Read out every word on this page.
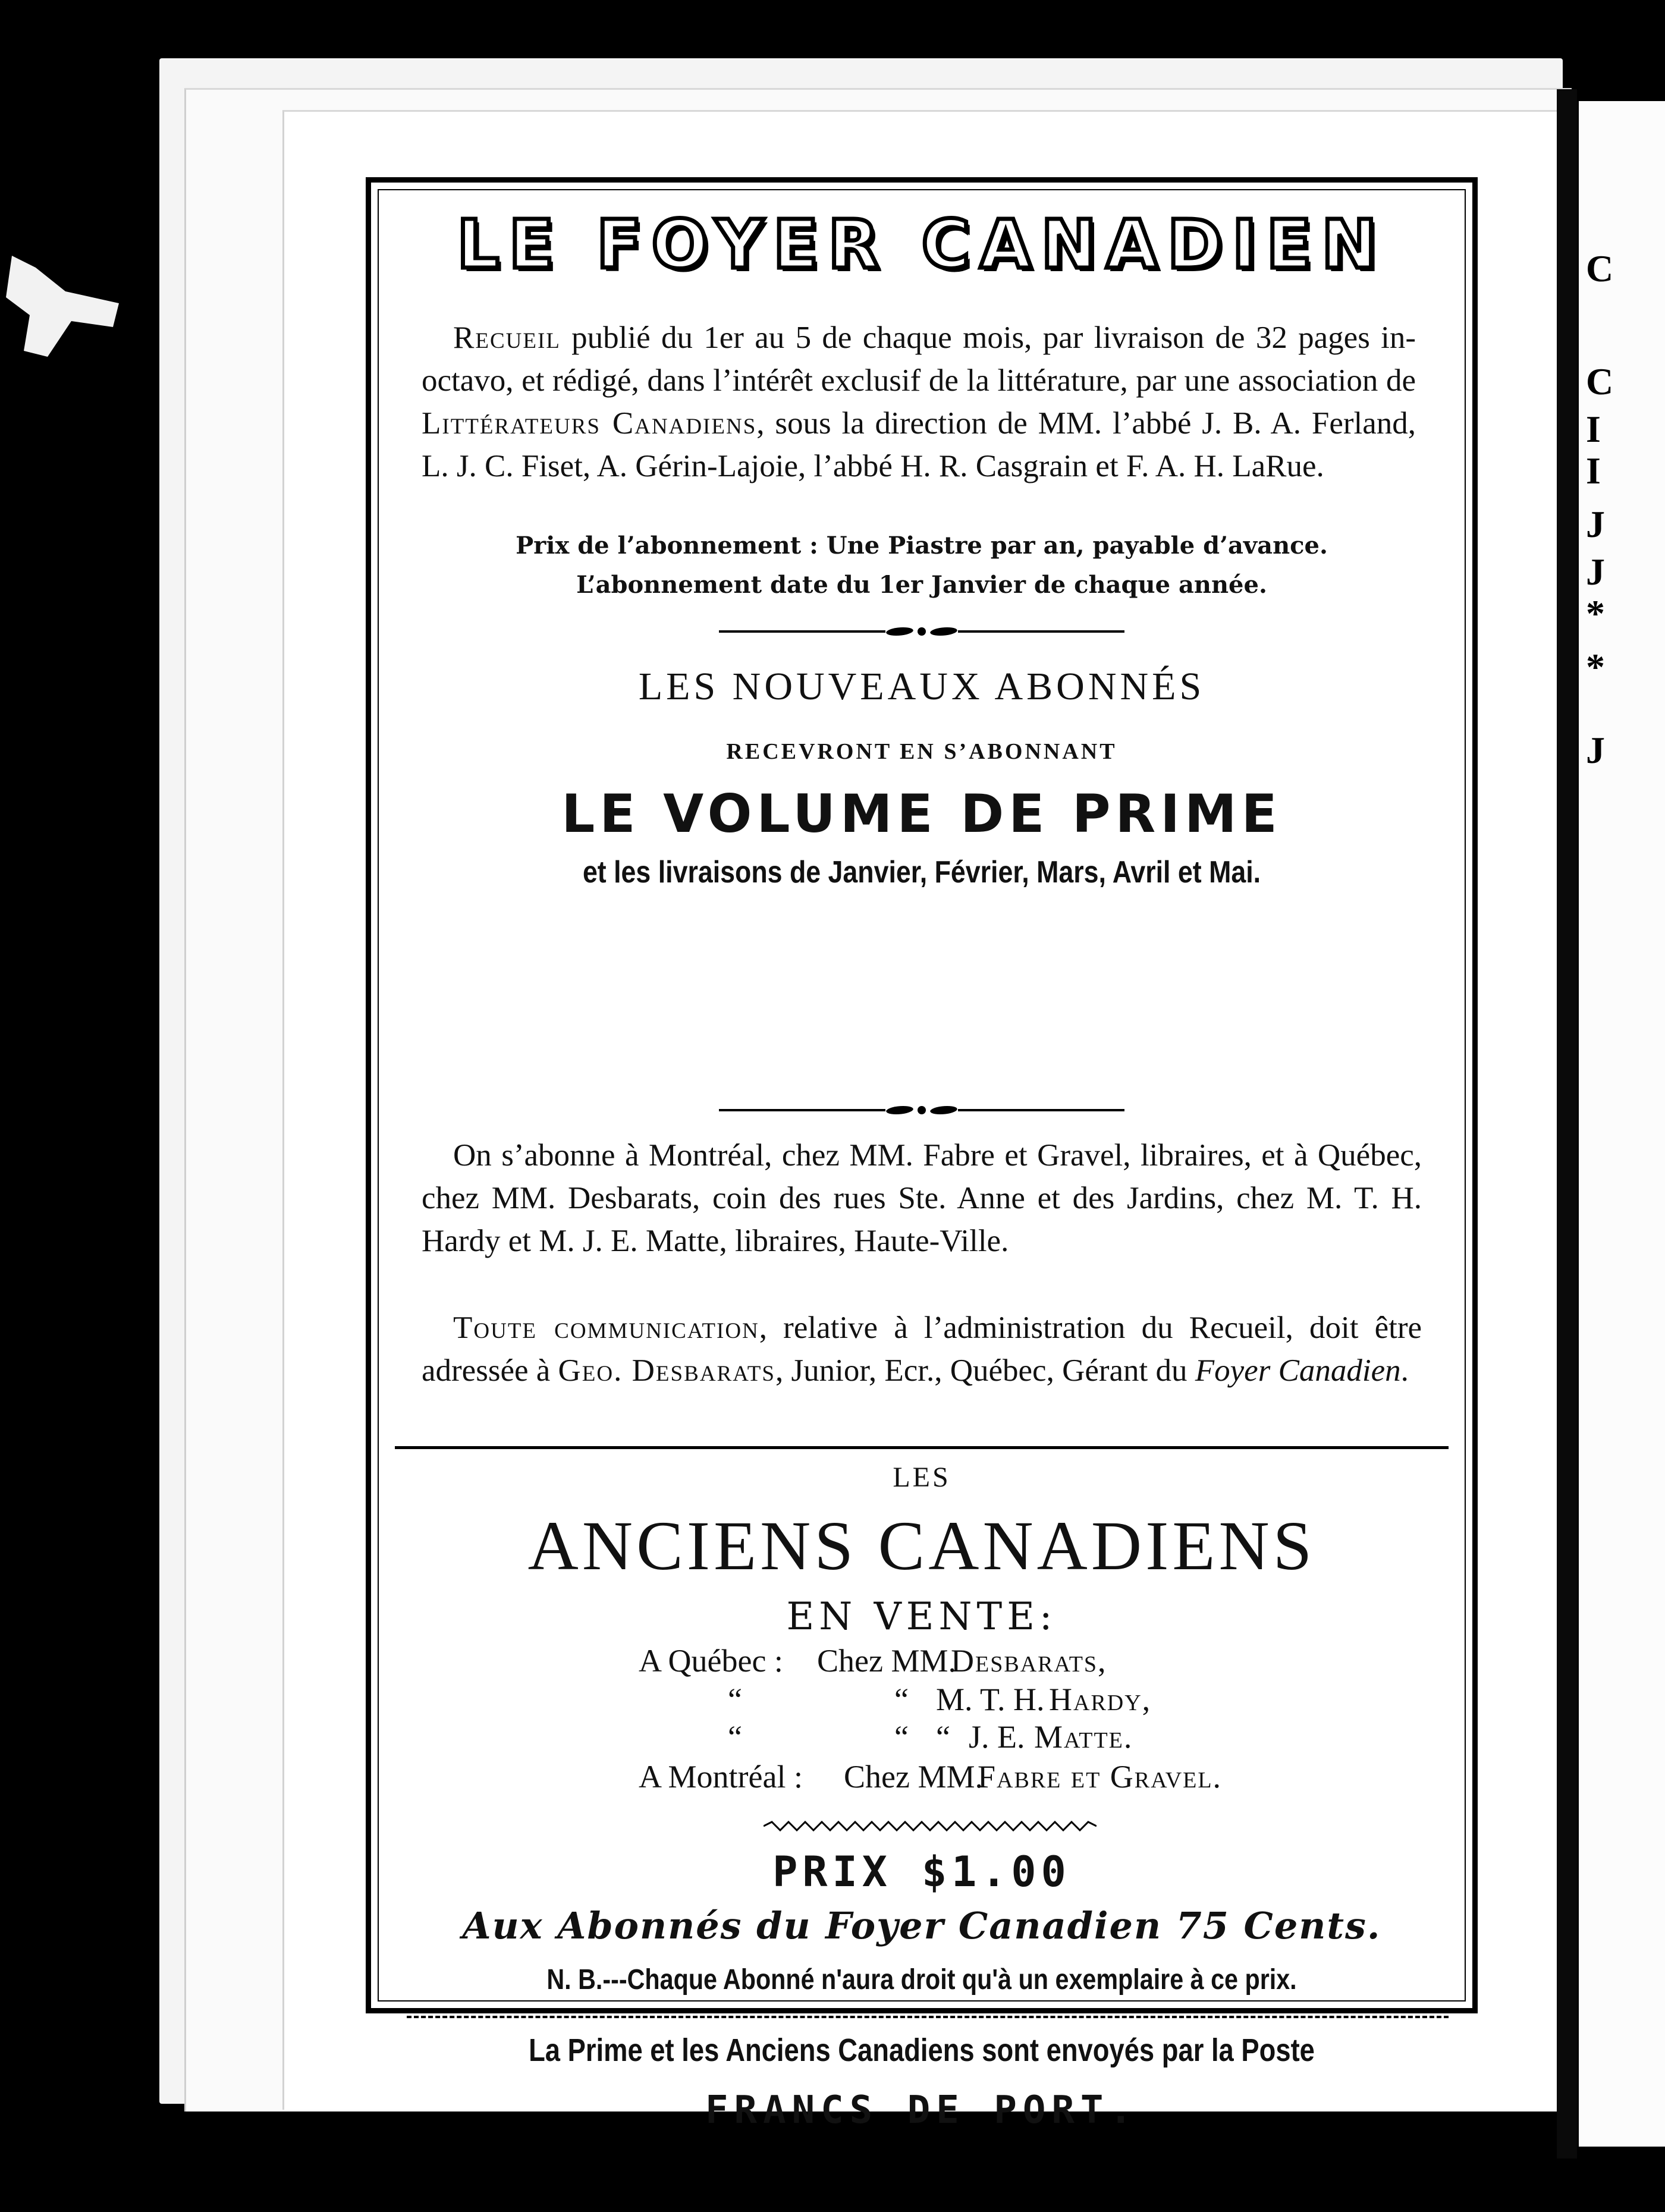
C
C
I
I
J
J
*
*
J
LE FOYER CANADIEN

 Recueil publié du 1er au 5 de chaque mois, par livraison de 32 pages in-octavo, et rédigé, dans l’intérêt exclusif de la littérature, par une association de Littérateurs Canadiens, sous la direction de MM. l’abbé J. B. A. Ferland, L. J. C. Fiset, A. Gérin-Lajoie, l’abbé H. R. Casgrain et F. A. H. LaRue.

Prix de l’abonnement : Une Piastre par an, payable d’avance.
L’abonnement date du 1er Janvier de chaque année.
LES NOUVEAUX ABONNÉS
RECEVRONT EN S’ABONNANT
LE VOLUME DE PRIME
et les livraisons de Janvier, Février, Mars, Avril et Mai.

 On s’abonne à Montréal, chez MM. Fabre et Gravel, libraires, et à Québec, chez MM. Desbarats, coin des rues Ste. Anne et des Jardins, chez M. T. H. Hardy et M. J. E. Matte, libraires, Haute-Ville.

 Toute communication, relative à l’administration du Recueil, doit être adressée à Geo. Desbarats, Junior, Ecr., Québec, Gérant du Foyer Canadien.

LES
ANCIENS CANADIENS
EN VENTE:
A Québec : Chez MM.
Desbarats,
“	“ M. T. H. Hardy,
“	“ “ J. E. Matte.
A Montréal : Chez MM.
Fabre et Gravel.
PRIX $1.00
Aux Abonnés du Foyer Canadien 75 Cents.
N. B.---Chaque Abonné n'aura droit qu'à un exemplaire à ce prix.
La Prime et les Anciens Canadiens sont envoyés par la Poste
FRANCS DE PORT.
